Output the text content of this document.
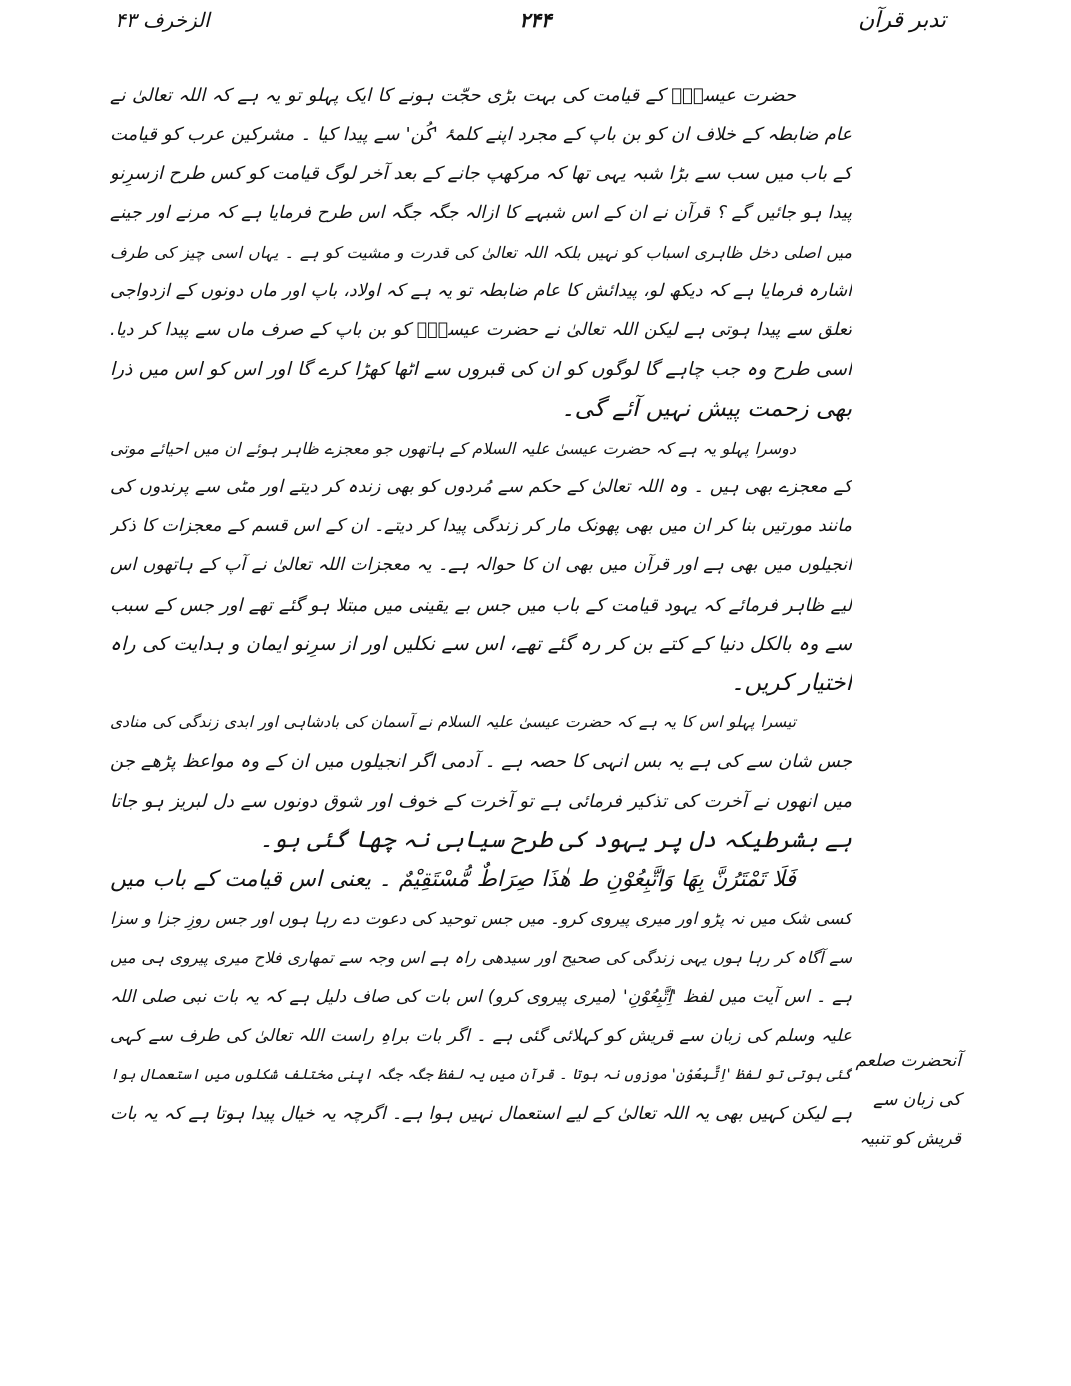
تدبر قرآن
۲۴۴
الزخرف ۴۳
حضرت عیسیٰؑ کے قیامت کی بہت بڑی حجّت ہونے کا ایک پہلو تو یہ ہے کہ اللہ تعالیٰ نے
عام ضابطہ کے خلاف ان کو بن باپ کے مجرد اپنے کلمۂ 'کُن' سے پیدا کیا ۔ مشرکین عرب کو قیامت
کے باب میں سب سے بڑا شبہ یہی تھا کہ مرکھپ جانے کے بعد آخر لوگ قیامت کو کس طرح ازسرِنو
پیدا ہو جائیں گے ؟ قرآن نے ان کے اس شبہے کا ازالہ جگہ جگہ اس طرح فرمایا ہے کہ مرنے اور جینے
میں اصلی دخل ظاہری اسباب کو نہیں بلکہ اللہ تعالیٰ کی قدرت و مشیت کو ہے ۔ یہاں اسی چیز کی طرف
اشارہ فرمایا ہے کہ دیکھ لو، پیدائش کا عام ضابطہ تو یہ ہے کہ اولاد، باپ اور ماں دونوں کے ازدواجی
تعلق سے پیدا ہوتی ہے لیکن اللہ تعالیٰ نے حضرت عیسیٰؑ کو بن باپ کے صرف ماں سے پیدا کر دیا.
اسی طرح وہ جب چاہے گا لوگوں کو ان کی قبروں سے اٹھا کھڑا کرے گا اور اس کو اس میں ذرا
بھی زحمت پیش نہیں آئے گی۔
دوسرا پہلو یہ ہے کہ حضرت عیسیٰ علیہ السلام کے ہاتھوں جو معجزے ظاہر ہوئے ان میں احیائے موتی
کے معجزے بھی ہیں ۔ وہ اللہ تعالیٰ کے حکم سے مُردوں کو بھی زندہ کر دیتے اور مٹی سے پرندوں کی
مانند مورتیں بنا کر ان میں بھی پھونک مار کر زندگی پیدا کر دیتے۔ ان کے اس قسم کے معجزات کا ذکر
انجیلوں میں بھی ہے اور قرآن میں بھی ان کا حوالہ ہے۔ یہ معجزات اللہ تعالیٰ نے آپ کے ہاتھوں اس
لیے ظاہر فرمائے کہ یہود قیامت کے باب میں جس بے یقینی میں مبتلا ہو گئے تھے اور جس کے سبب
سے وہ بالکل دنیا کے کتے بن کر رہ گئے تھے، اس سے نکلیں اور از سرِنو ایمان و ہدایت کی راہ
اختیار کریں۔
تیسرا پہلو اس کا یہ ہے کہ حضرت عیسیٰ علیہ السلام نے آسمان کی بادشاہی اور ابدی زندگی کی منادی
جس شان سے کی ہے یہ بس انہی کا حصہ ہے ۔ آدمی اگر انجیلوں میں ان کے وہ مواعظ پڑھے جن
میں انھوں نے آخرت کی تذکیر فرمائی ہے تو آخرت کے خوف اور شوق دونوں سے دل لبریز ہو جاتا
ہے بشرطیکہ دل پر یہود کی طرح سیاہی نہ چھا گئی ہو۔
فَلَا تَمْتَرُنَّ بِهَا وَاتَّبِعُوْنِ ط هٰذَا صِرَاطٌ مُّسْتَقِيْمٌ ۔ یعنی اس قیامت کے باب میں
کسی شک میں نہ پڑو اور میری پیروی کرو۔ میں جس توحید کی دعوت دے رہا ہوں اور جس روزِ جزا و سزا
سے آگاہ کر رہا ہوں یہی زندگی کی صحیح اور سیدھی راہ ہے اس وجہ سے تمھاری فلاح میری پیروی ہی میں
ہے ۔ اس آیت میں لفظ 'اِتَّبِعُوْنِ' (میری پیروی کرو) اس بات کی صاف دلیل ہے کہ یہ بات نبی صلی اللہ
علیہ وسلم کی زبان سے قریش کو کہلائی گئی ہے ۔ اگر بات براہِ راست اللہ تعالیٰ کی طرف سے کہی
گئی ہوتی تو لفظ 'اِتَّبِعُوْنِ' موزوں نہ ہوتا ۔ قرآن میں یہ لفظ جگہ جگہ اپنی مختلف شکلوں میں استعمال ہوا
ہے لیکن کہیں بھی یہ اللہ تعالیٰ کے لیے استعمال نہیں ہوا ہے۔ اگرچہ یہ خیال پیدا ہوتا ہے کہ یہ بات
آنحضرت صلعم
کی زبان سے
قریش کو تنبیہ
